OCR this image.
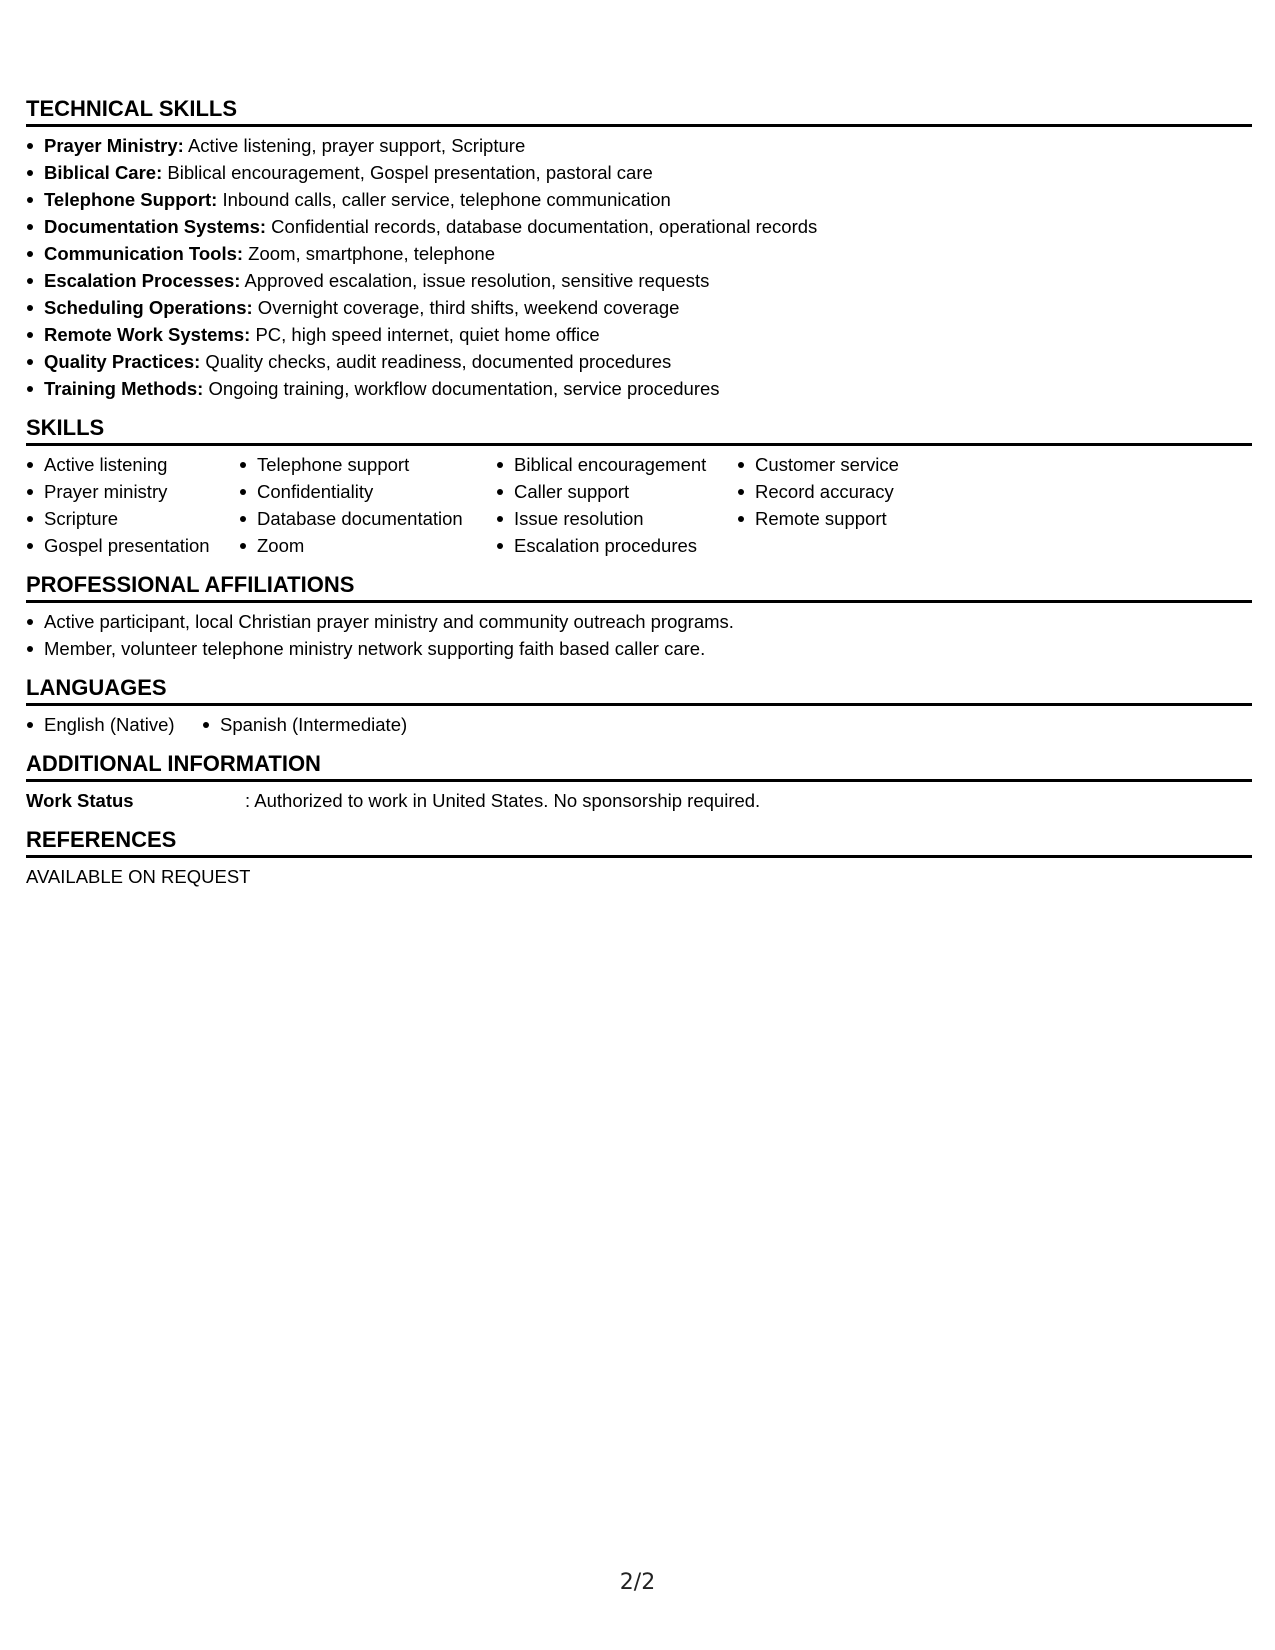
TECHNICAL SKILLS
Prayer Ministry: Active listening, prayer support, Scripture
Biblical Care: Biblical encouragement, Gospel presentation, pastoral care
Telephone Support: Inbound calls, caller service, telephone communication
Documentation Systems: Confidential records, database documentation, operational records
Communication Tools: Zoom, smartphone, telephone
Escalation Processes: Approved escalation, issue resolution, sensitive requests
Scheduling Operations: Overnight coverage, third shifts, weekend coverage
Remote Work Systems: PC, high speed internet, quiet home office
Quality Practices: Quality checks, audit readiness, documented procedures
Training Methods: Ongoing training, workflow documentation, service procedures
SKILLS
Active listening
Prayer ministry
Scripture
Gospel presentation
Telephone support
Confidentiality
Database documentation
Zoom
Biblical encouragement
Caller support
Issue resolution
Escalation procedures
Customer service
Record accuracy
Remote support
PROFESSIONAL AFFILIATIONS
Active participant, local Christian prayer ministry and community outreach programs.
Member, volunteer telephone ministry network supporting faith based caller care.
LANGUAGES
English (Native)	Spanish (Intermediate)
ADDITIONAL INFORMATION
Work Status	: Authorized to work in United States. No sponsorship required.
REFERENCES
AVAILABLE ON REQUEST
2/2
